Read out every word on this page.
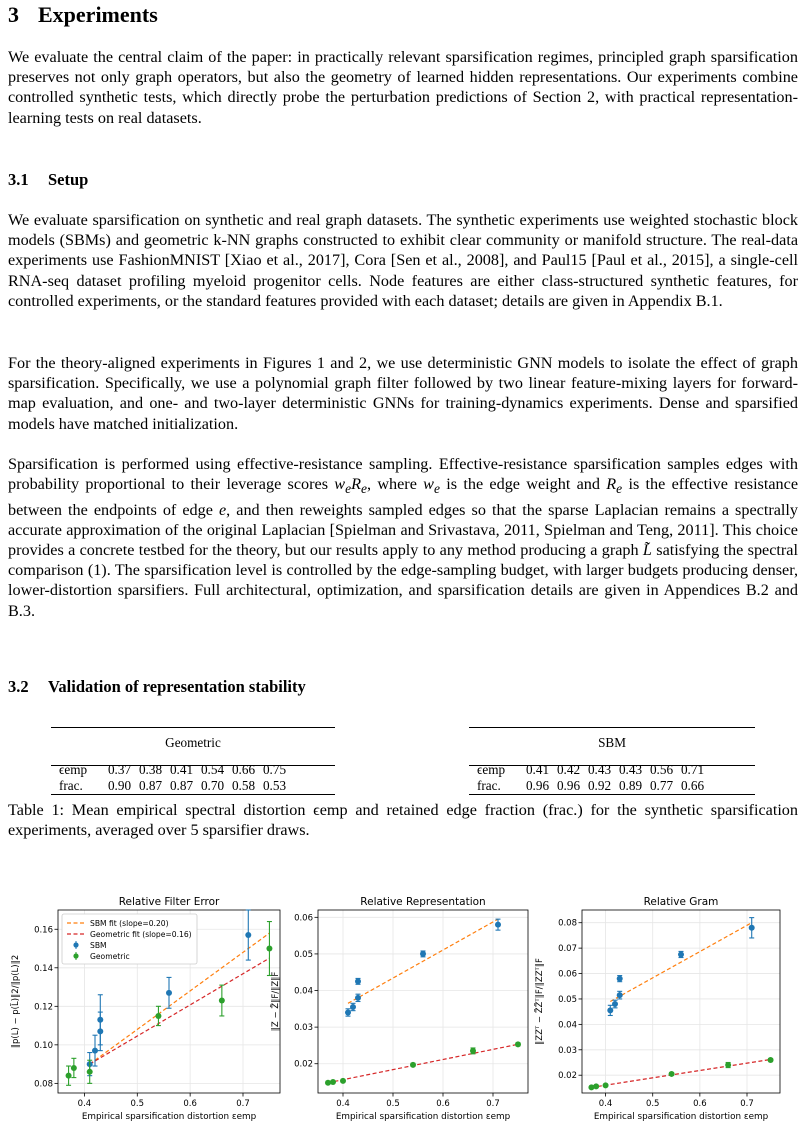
3 Experiments

We evaluate the central claim of the paper: in practically relevant sparsification regimes, principled graph sparsification preserves not only graph operators, but also the geometry of learned hidden representations. Our experiments combine controlled synthetic tests, which directly probe the perturbation predictions of Section 2, with practical representation-learning tests on real datasets.

3.1 Setup

We evaluate sparsification on synthetic and real graph datasets. The synthetic experiments use weighted stochastic block models (SBMs) and geometric k-NN graphs constructed to exhibit clear community or manifold structure. The real-data experiments use FashionMNIST [Xiao et al., 2017], Cora [Sen et al., 2008], and Paul15 [Paul et al., 2015], a single-cell RNA-seq dataset profiling myeloid progenitor cells. Node features are either class-structured synthetic features, for controlled experiments, or the standard features provided with each dataset; details are given in Appendix B.1.

For the theory-aligned experiments in Figures 1 and 2, we use deterministic GNN models to isolate the effect of graph sparsification. Specifically, we use a polynomial graph filter followed by two linear feature-mixing layers for forward-map evaluation, and one- and two-layer deterministic GNNs for training-dynamics experiments. Dense and sparsified models have matched initialization.

Sparsification is performed using effective-resistance sampling. Effective-resistance sparsification samples edges with probability proportional to their leverage scores $w_eR_e$, where $w_e$ is the edge weight and $R_e$ is the effective resistance between the endpoints of edge e, and then reweights sampled edges so that the sparse Laplacian remains a spectrally accurate approximation of the original Laplacian [Spielman and Srivastava, 2011, Spielman and Teng, 2011]. This choice provides a concrete testbed for the theory, but our results apply to any method producing a graph L̃ satisfying the spectral comparison (1). The sparsification level is controlled by the edge-sampling budget, with larger budgets producing denser, lower-distortion sparsifiers. Full architectural, optimization, and sparsification details are given in Appendices B.2 and B.3.

3.2 Validation of representation stability
Geometric
ϵemp 0.37 0.38 0.41 0.54 0.66 0.75
frac. 0.90 0.87 0.87 0.70 0.58 0.53
SBM
ϵemp 0.41 0.42 0.43 0.43 0.56 0.71
frac. 0.96 0.96 0.92 0.89 0.77 0.66

Table 1: Mean empirical spectral distortion ϵemp and retained edge fraction (frac.) for the synthetic sparsification experiments, averaged over 5 sparsifier draws.

0.4	0.5	0.6	0.7
0.08
0.10
0.12
0.14
0.16
Relative Filter Error
Empirical sparsification distortion εemp
‖p(L) − p(L̃)‖2/‖p(L)‖2
SBM fit (slope=0.20)
Geometric fit (slope=0.16)
SBM
Geometric
0.4	0.5	0.6	0.7
0.02
0.03
0.04
0.05
0.06
Relative Representation
Empirical sparsification distortion εemp
‖Z − Z̃‖F/‖Z‖F
0.4	0.5	0.6	0.7
0.02
0.03
0.04
0.05
0.06
0.07
0.08
Relative Gram
Empirical sparsification distortion εemp
‖ZZᵀ − Z̃Z̃ᵀ‖F/‖ZZᵀ‖F
